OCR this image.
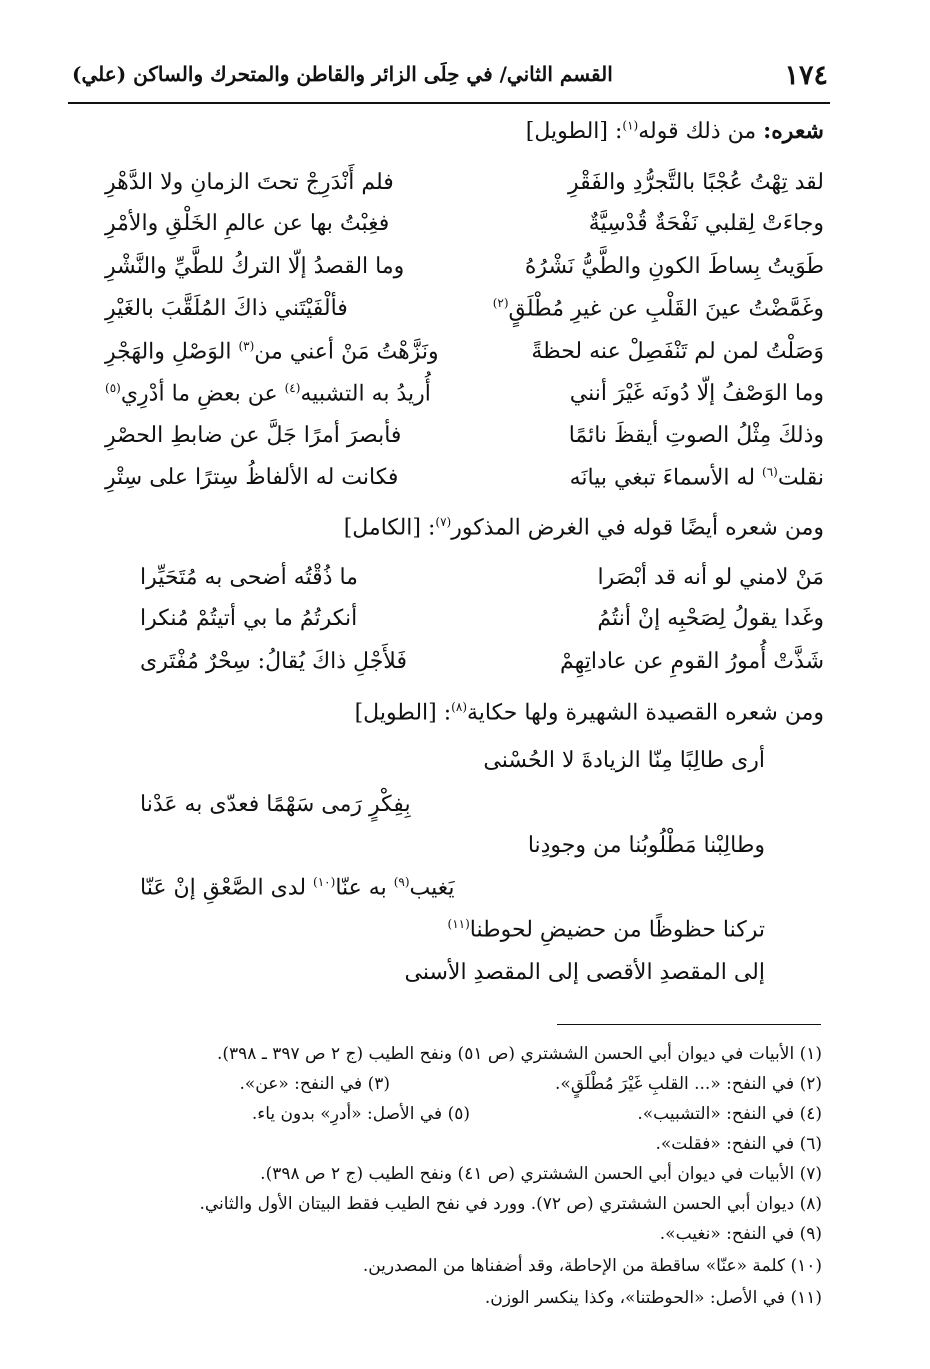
١٧٤
القسم الثاني/ في حِلَى الزائر والقاطن والمتحرك والساكن (علي)
شعره: من ذلك قوله$^{(١)}$: [الطويل]
لقد تِهْتُ عُجْبًا بالتَّجرُّدِ والفَقْرِ
فلم أَنْدَرِجْ تحتَ الزمانِ ولا الدَّهْرِ
وجاءَتْ لِقلبي نَفْحَةٌ قُدْسِيَّةٌ
فغِبْتُ بها عن عالمِ الخَلْقِ والأمْرِ
طَوَيتُ بِساطَ الكونِ والطَّيُّ نَشْرُهُ
وما القصدُ إلّا التركُ للطَّيِّ والنَّشْرِ
وغَمَّضْتُ عينَ القَلْبِ عن غيرِ مُطْلَقٍ$^{(٢)}$
فألْفَيْتَني ذاكَ المُلَقَّبَ بالغَيْرِ
وَصَلْتُ لمن لم تَنْفَصِلْ عنه لحظةً
ونَزَّهْتُ مَنْ أعني من$^{(٣)}$ الوَصْلِ والهَجْرِ
وما الوَصْفُ إلّا دُونَه غَيْرَ أنني
أُريدُ به التشبيه$^{(٤)}$ عن بعضِ ما أدْرِي$^{(٥)}$
وذلكَ مِثْلُ الصوتِ أيقظَ نائمًا
فأبصرَ أمرًا جَلَّ عن ضابطِ الحصْرِ
نقلت$^{(٦)}$ له الأسماءَ تبغي بيانَه
فكانت له الألفاظُ سِترًا على سِتْرِ
ومن شعره أيضًا قوله في الغرض المذكور$^{(٧)}$: [الكامل]
مَنْ لامني لو أنه قد أبْصَرا
ما ذُقْتُه أضحى به مُتَحَيِّرا
وغَدا يقولُ لِصَحْبِه إنْ أنتُمُ
أنكرتُمُ ما بي أتيتُمْ مُنكرا
شَذَّتْ أُمورُ القومِ عن عاداتِهِمْ
فَلأَجْلِ ذاكَ يُقالُ: سِحْرٌ مُفْتَرى
ومن شعره القصيدة الشهيرة ولها حكاية$^{(٨)}$: [الطويل]
أرى طالِبًا مِنّا الزيادةَ لا الحُسْنى
بِفِكْرٍ رَمى سَهْمًا فعدّى به عَدْنا
وطالِبْنا مَطْلُوبُنا من وجودِنا
يَغيب$^{(٩)}$ به عنّا$^{(١٠)}$ لدى الصَّعْقِ إنْ عَنّا
تركنا حظوظًا من حضيضِ لحوطنا$^{(١١)}$
إلى المقصدِ الأقصى إلى المقصدِ الأسنى
(١) الأبيات في ديوان أبي الحسن الششتري (ص ٥١) ونفح الطيب (ج ٢ ص ٣٩٧ ـ ٣٩٨).
(٢) في النفح: «... القلبِ غَيْرَ مُطْلَقٍ».
(٣) في النفح: «عن».
(٤) في النفح: «التشبيب».
(٥) في الأصل: «أدرِ» بدون ياء.
(٦) في النفح: «فقلت».
(٧) الأبيات في ديوان أبي الحسن الششتري (ص ٤١) ونفح الطيب (ج ٢ ص ٣٩٨).
(٨) ديوان أبي الحسن الششتري (ص ٧٢). وورد في نفح الطيب فقط البيتان الأول والثاني.
(٩) في النفح: «نغيب».
(١٠) كلمة «عنّا» ساقطة من الإحاطة، وقد أضفناها من المصدرين.
(١١) في الأصل: «الحوطتنا»، وكذا ينكسر الوزن.
